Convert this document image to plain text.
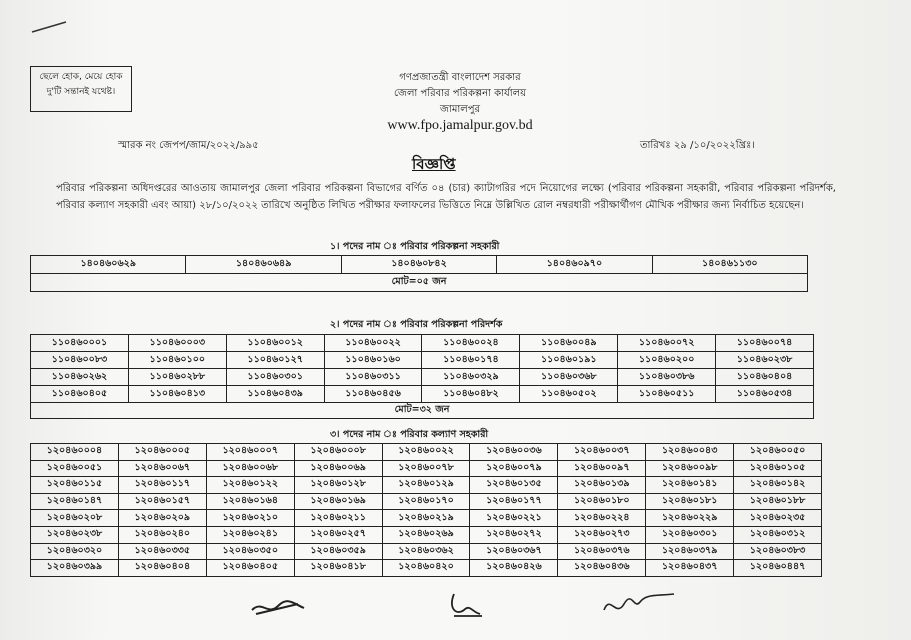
ছেলে হোক, মেয়ে হোক
দু'টি সন্তানই যথেষ্ট।
গণপ্রজাতন্ত্রী বাংলাদেশ সরকার
জেলা পরিবার পরিকল্পনা কার্যালয়
জামালপুর
www.fpo.jamalpur.gov.bd
স্মারক নং জেপপ/জাম/২০২২/৯৯৫	তারিখঃ ২৯ /১০/২০২২খ্রিঃ।
বিজ্ঞপ্তি
পরিবার পরিকল্পনা অধিদপ্তরের আওতায় জামালপুর জেলা পরিবার পরিকল্পনা বিভাগের বর্ণিত ০৪ (চার) ক্যাটাগরির পদে নিয়োগের লক্ষ্যে (পরিবার পরিকল্পনা সহকারী, পরিবার পরিকল্পনা পরিদর্শক, পরিবার কল্যাণ সহকারী এবং আয়া) ২৮/১০/২০২২ তারিখে অনুষ্ঠিত লিখিত পরীক্ষার ফলাফলের ভিত্তিতে নিম্নে উল্লিখিত রোল নম্বরধারী পরীক্ষার্থীগণ মৌখিক পরীক্ষার জন্য নির্বাচিত হয়েছেন।
১। পদের নাম ঃ পরিবার পরিকল্পনা সহকারী
১৪০৪৬০৬২৯	১৪০৪৬০৬৪৯	১৪০৪৬০৮৪২	১৪০৪৬০৯৭০	১৪০৪৬১১৩০
মোট=০৫ জন
২। পদের নাম ঃ পরিবার পরিকল্পনা পরিদর্শক
১১০৪৬০০০১	১১০৪৬০০০৩	১১০৪৬০০১২	১১০৪৬০০২২	১১০৪৬০০২৪	১১০৪৬০০৪৯	১১০৪৬০০৭২	১১০৪৬০০৭৪
১১০৪৬০০৮৩	১১০৪৬০১০০	১১০৪৬০১২৭	১১০৪৬০১৬০	১১০৪৬০১৭৪	১১০৪৬০১৯১	১১০৪৬০২০০	১১০৪৬০২৩৮
১১০৪৬০২৬২	১১০৪৬০২৮৮	১১০৪৬০৩০১	১১০৪৬০৩১১	১১০৪৬০৩২৯	১১০৪৬০৩৬৮	১১০৪৬০৩৮৬	১১০৪৬০৪০৪
১১০৪৬০৪০৫	১১০৪৬০৪১৩	১১০৪৬০৪৩৯	১১০৪৬০৪৫৬	১১০৪৬০৪৮২	১১০৪৬০৫০২	১১০৪৬০৫১১	১১০৪৬০৫৩৪
মোট=৩২ জন							
৩। পদের নাম ঃ পরিবার কল্যাণ সহকারী
১২০৪৬০০০৪	১২০৪৬০০০৫	১২০৪৬০০০৭	১২০৪৬০০০৮	১২০৪৬০০২২	১২০৪৬০০৩৬	১২০৪৬০০৩৭	১২০৪৬০০৪৩	১২০৪৬০০৫০
১২০৪৬০০৫১	১২০৪৬০০৬৭	১২০৪৬০০৬৮	১২০৪৬০০৬৯	১২০৪৬০০৭৮	১২০৪৬০০৭৯	১২০৪৬০০৯৭	১২০৪৬০০৯৮	১২০৪৬০১০৫
১২০৪৬০১১৫	১২০৪৬০১১৭	১২০৪৬০১২২	১২০৪৬০১২৮	১২০৪৬০১২৯	১২০৪৬০১৩৫	১২০৪৬০১৩৯	১২০৪৬০১৪১	১২০৪৬০১৪২
১২০৪৬০১৪৭	১২০৪৬০১৫৭	১২০৪৬০১৬৪	১২০৪৬০১৬৯	১২০৪৬০১৭০	১২০৪৬০১৭৭	১২০৪৬০১৮০	১২০৪৬০১৮১	১২০৪৬০১৮৮
১২০৪৬০২০৮	১২০৪৬০২০৯	১২০৪৬০২১০	১২০৪৬০২১১	১২০৪৬০২১৯	১২০৪৬০২২১	১২০৪৬০২২৪	১২০৪৬০২২৯	১২০৪৬০২৩৫
১২০৪৬০২৩৮	১২০৪৬০২৪০	১২০৪৬০২৪১	১২০৪৬০২৫৭	১২০৪৬০২৬৯	১২০৪৬০২৭২	১২০৪৬০২৭৩	১২০৪৬০৩০১	১২০৪৬০৩১২
১২০৪৬০৩২০	১২০৪৬০৩৩৫	১২০৪৬০৩৫০	১২০৪৬০৩৫৯	১২০৪৬০৩৬২	১২০৪৬০৩৬৭	১২০৪৬০৩৭৬	১২০৪৬০৩৭৯	১২০৪৬০৩৮৩
১২০৪৬০৩৯৯	১২০৪৬০৪০৪	১২০৪৬০৪০৫	১২০৪৬০৪১৮	১২০৪৬০৪২০	১২০৪৬০৪২৬	১২০৪৬০৪৩৬	১২০৪৬০৪৩৭	১২০৪৬০৪৪৭
